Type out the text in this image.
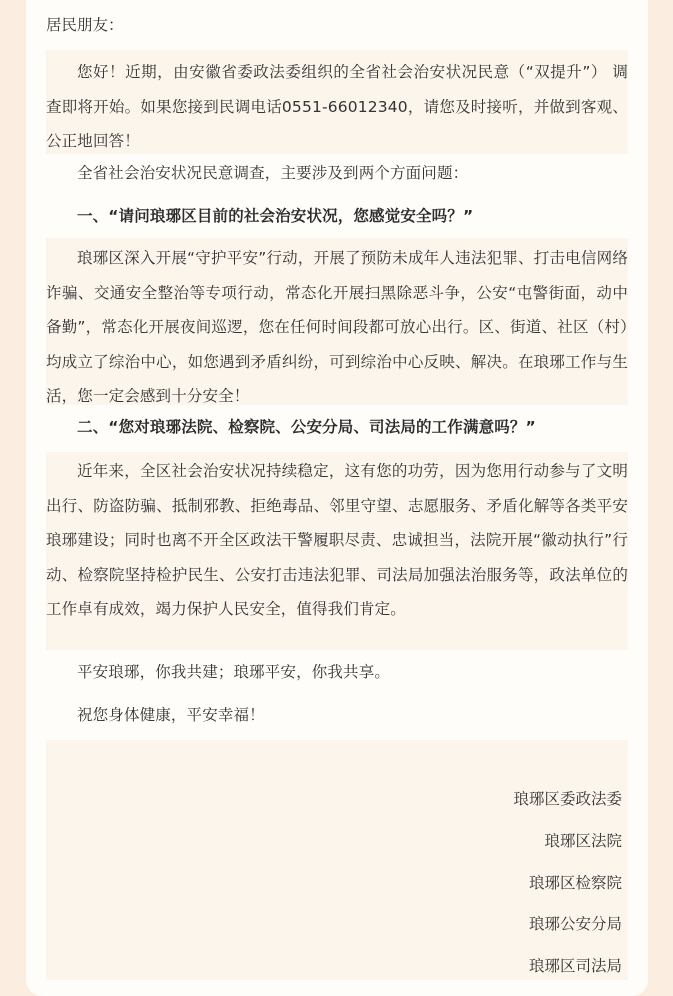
居民朋友：

您好！近期，由安徽省委政法委组织的全省社会治安状况民意（“双提升”） 调查即将开始。如果您接到民调电话0551-66012340，请您及时接听，并做到客观、公正地回答！

全省社会治安状况民意调查，主要涉及到两个方面问题：

一、“请问琅琊区目前的社会治安状况，您感觉安全吗？”

琅琊区深入开展“守护平安”行动，开展了预防未成年人违法犯罪、打击电信网络诈骗、交通安全整治等专项行动，常态化开展扫黑除恶斗争，公安“屯警街面，动中备勤”，常态化开展夜间巡逻，您在任何时间段都可放心出行。区、街道、社区（村）均成立了综治中心，如您遇到矛盾纠纷，可到综治中心反映、解决。在琅琊工作与生活，您一定会感到十分安全！

二、“您对琅琊法院、检察院、公安分局、司法局的工作满意吗？”

近年来，全区社会治安状况持续稳定，这有您的功劳，因为您用行动参与了文明出行、防盗防骗、抵制邪教、拒绝毒品、邻里守望、志愿服务、矛盾化解等各类平安琅琊建设；同时也离不开全区政法干警履职尽责、忠诚担当，法院开展“徽动执行”行动、检察院坚持检护民生、公安打击违法犯罪、司法局加强法治服务等，政法单位的工作卓有成效，竭力保护人民安全，值得我们肯定。

平安琅琊，你我共建；琅琊平安，你我共享。

祝您身体健康，平安幸福！

琅琊区委政法委
琅琊区法院
琅琊区检察院
琅琊公安分局
琅琊区司法局
